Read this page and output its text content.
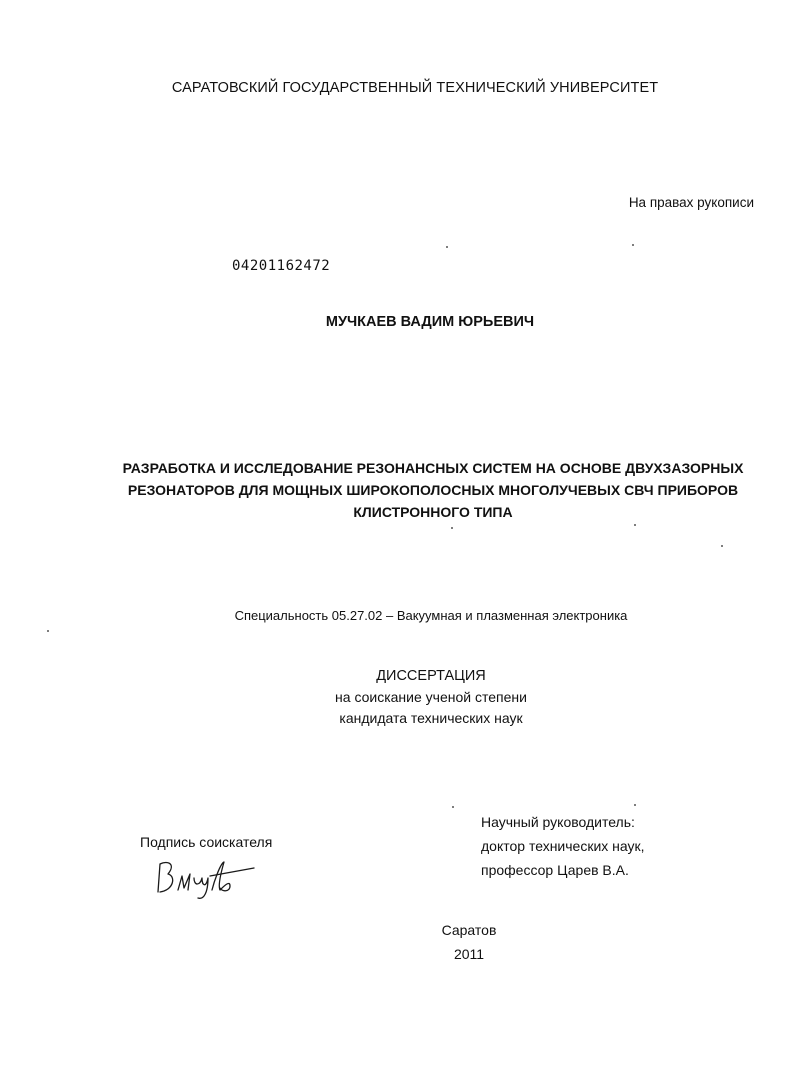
САРАТОВСКИЙ ГОСУДАРСТВЕННЫЙ ТЕХНИЧЕСКИЙ УНИВЕРСИТЕТ
На правах рукописи
04201162472
МУЧКАЕВ ВАДИМ ЮРЬЕВИЧ
РАЗРАБОТКА И ИССЛЕДОВАНИЕ РЕЗОНАНСНЫХ СИСТЕМ НА ОСНОВЕ ДВУХЗАЗОРНЫХ
РЕЗОНАТОРОВ ДЛЯ МОЩНЫХ ШИРОКОПОЛОСНЫХ МНОГОЛУЧЕВЫХ СВЧ ПРИБОРОВ
КЛИСТРОННОГО ТИПА
Специальность 05.27.02 – Вакуумная и плазменная электроника
ДИССЕРТАЦИЯ
на соискание ученой степени
кандидата технических наук
Научный руководитель:
доктор технических наук,
профессор Царев В.А.
Подпись соискателя
Саратов
2011
